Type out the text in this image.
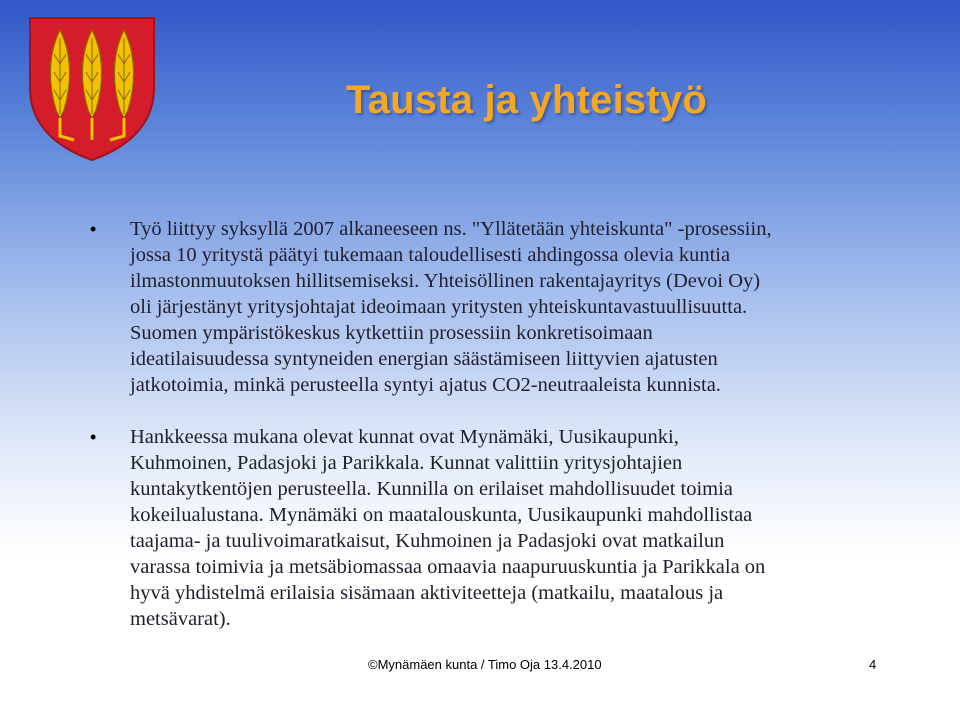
Tausta ja yhteistyö
• Työ liittyy syksyllä 2007 alkaneeseen ns. "Yllätetään yhteiskunta" -prosessiin,
jossa 10 yritystä päätyi tukemaan taloudellisesti ahdingossa olevia kuntia
ilmastonmuutoksen hillitsemiseksi. Yhteisöllinen rakentajayritys (Devoi Oy)
oli järjestänyt yritysjohtajat ideoimaan yritysten yhteiskuntavastuullisuutta.
Suomen ympäristökeskus kytkettiin prosessiin konkretisoimaan
ideatilaisuudessa syntyneiden energian säästämiseen liittyvien ajatusten
jatkotoimia, minkä perusteella syntyi ajatus CO2-neutraaleista kunnista.
• Hankkeessa mukana olevat kunnat ovat Mynämäki, Uusikaupunki,
Kuhmoinen, Padasjoki ja Parikkala. Kunnat valittiin yritysjohtajien
kuntakytkentöjen perusteella. Kunnilla on erilaiset mahdollisuudet toimia
kokeilualustana. Mynämäki on maatalouskunta, Uusikaupunki mahdollistaa
taajama- ja tuulivoimaratkaisut, Kuhmoinen ja Padasjoki ovat matkailun
varassa toimivia ja metsäbiomassaa omaavia naapuruuskuntia ja Parikkala on
hyvä yhdistelmä erilaisia sisämaan aktiviteetteja (matkailu, maatalous ja
metsävarat).
©Mynämäen kunta / Timo Oja 13.4.2010	4
